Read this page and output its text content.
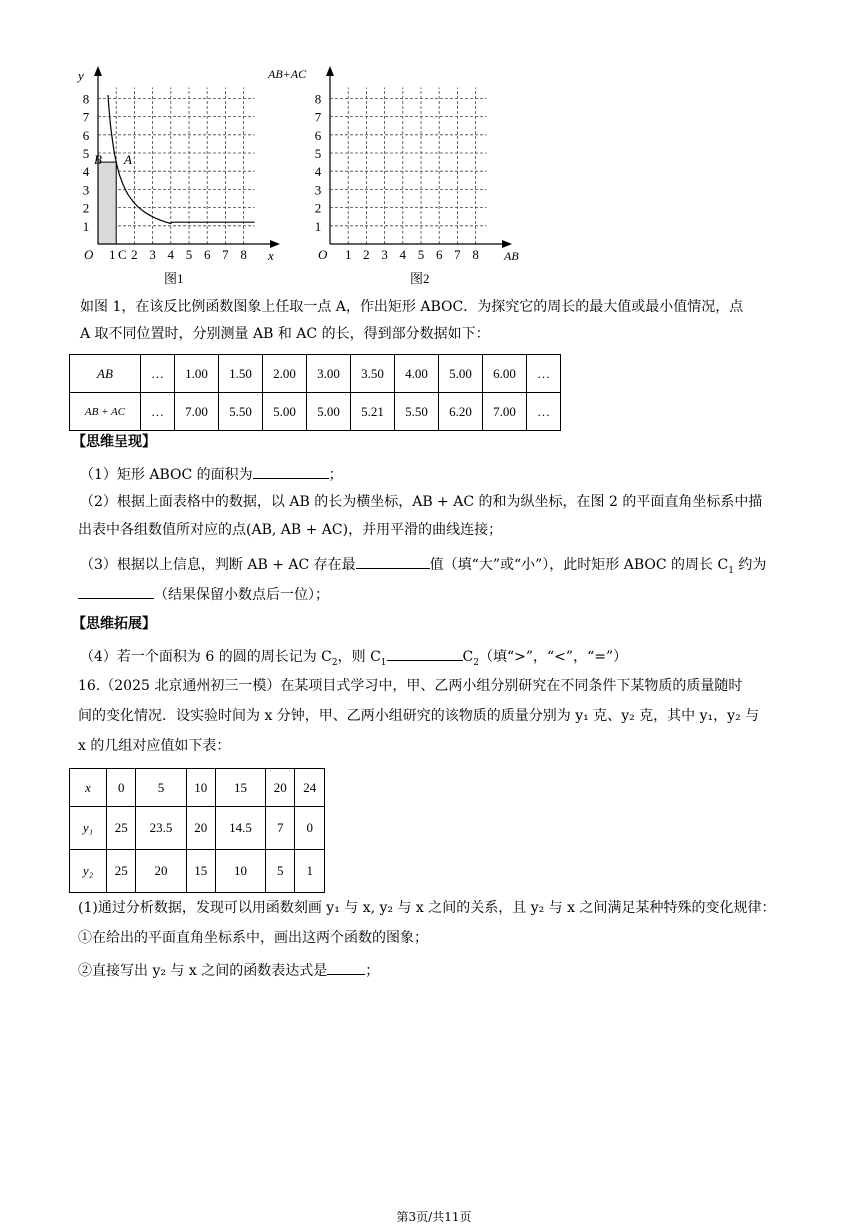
1
2
3
4
5
6
7
8
1 2 3 4 5 6 7 8
y
x
O
B A
C
图1
1
2
3
4
5
6
7
8
1 2 3 4 5 6 7 8
AB+AC
AB
O
图2
如图 1，在该反比例函数图象上任取一点 A，作出矩形 ABOC．为探究它的周长的最大值或最小值情况，点
A 取不同位置时，分别测量 AB 和 AC 的长，得到部分数据如下：
AB	…	1.00	1.50	2.00	3.00	3.50	4.00	5.00	6.00	…
AB + AC	…	7.00	5.50	5.00	5.00	5.21	5.50	6.20	7.00	…
【思维呈现】
（1）矩形 ABOC 的面积为	；
（2）根据上面表格中的数据，以 AB 的长为横坐标，AB + AC 的和为纵坐标，在图 2 的平面直角坐标系中描
出表中各组数值所对应的点(AB, AB + AC)，并用平滑的曲线连接；
（3）根据以上信息，判断 AB + AC 存在最	值（填“大”或“小”），此时矩形 ABOC 的周长 $C_1$ 约为
（结果保留小数点后一位）；
【思维拓展】
（4）若一个面积为 6 的圆的周长记为 $C_2$，则 $C_1$	$C_2$（填“>”，“<”，“=”）
16.（2025 北京通州初三一模）在某项目式学习中，甲、乙两小组分别研究在不同条件下某物质的质量随时
间的变化情况．设实验时间为 x 分钟，甲、乙两小组研究的该物质的质量分别为 y₁ 克、y₂ 克，其中 y₁，y₂ 与
x 的几组对应值如下表：
x	0	5	10	15	20	24
y₁	25	23.5	20	14.5	7	0
y₂	25	20	15	10	5	1
(1)通过分析数据，发现可以用函数刻画 y₁ 与 x, y₂ 与 x 之间的关系，且 y₂ 与 x 之间满足某种特殊的变化规律：
①在给出的平面直角坐标系中，画出这两个函数的图象；
②直接写出 y₂ 与 x 之间的函数表达式是	；
第3页/共11页
